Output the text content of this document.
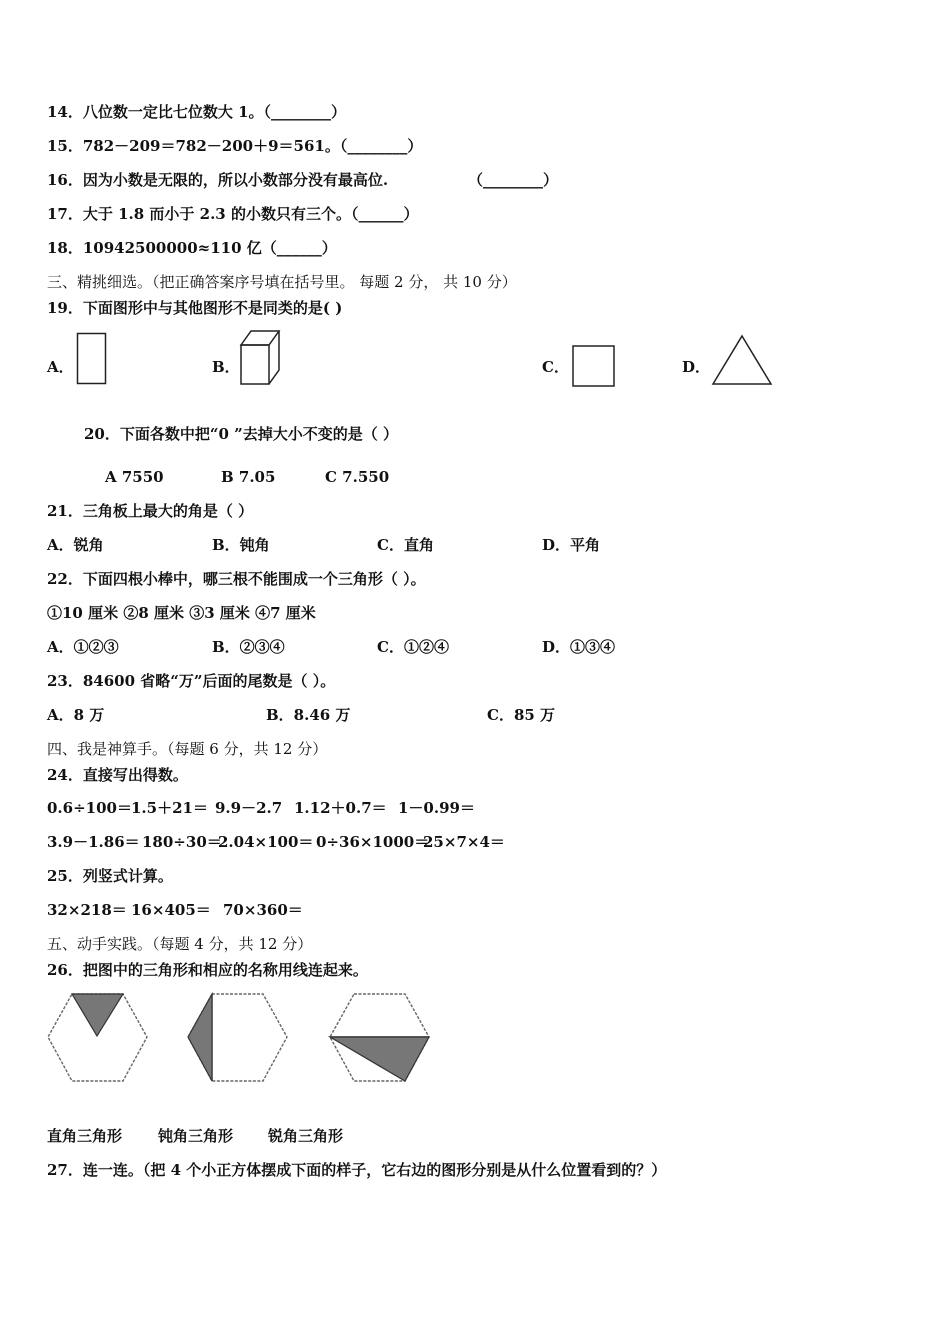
14．八位数一定比七位数大 1。（________）
15．782－209＝782－200＋9＝561。（________）
16．因为小数是无限的，所以小数部分没有最高位.	（________）
17．大于 1.8 而小于 2.3 的小数只有三个。（______）
18．10942500000≈110 亿（______）
三、精挑细选。（把正确答案序号填在括号里。 每题 2 分， 共 10 分）
19．下面图形中与其他图形不是同类的是( )
A．	B．	C．	D．
20．下面各数中把“0 ”去掉大小不变的是（ ）
A 7550	B 7.05	C 7.550
21．三角板上最大的角是（ ）
A．锐角	B．钝角	C．直角	D．平角
22．下面四根小棒中，哪三根不能围成一个三角形（ ）。
①10 厘米 ②8 厘米 ③3 厘米 ④7 厘米
A．①②③	B．②③④	C．①②④	D．①③④
23．84600 省略“万”后面的尾数是（ ）。
A．8 万	B．8.46 万	C．85 万
四、我是神算手。（每题 6 分，共 12 分）
24．直接写出得数。
0.6÷100＝ 1.5＋21＝ 9.9－2.7 1.12＋0.7＝ 1－0.99＝
3.9－1.86＝ 180÷30＝
2.04×100＝ 0÷36×1000＝
25×7×4＝
25．列竖式计算。
32×218＝ 16×405＝ 70×360＝
五、动手实践。（每题 4 分，共 12 分）
26．把图中的三角形和相应的名称用线连起来。
直角三角形 钝角三角形 锐角三角形
27．连一连。（把 4 个小正方体摆成下面的样子，它右边的图形分别是从什么位置看到的？）
